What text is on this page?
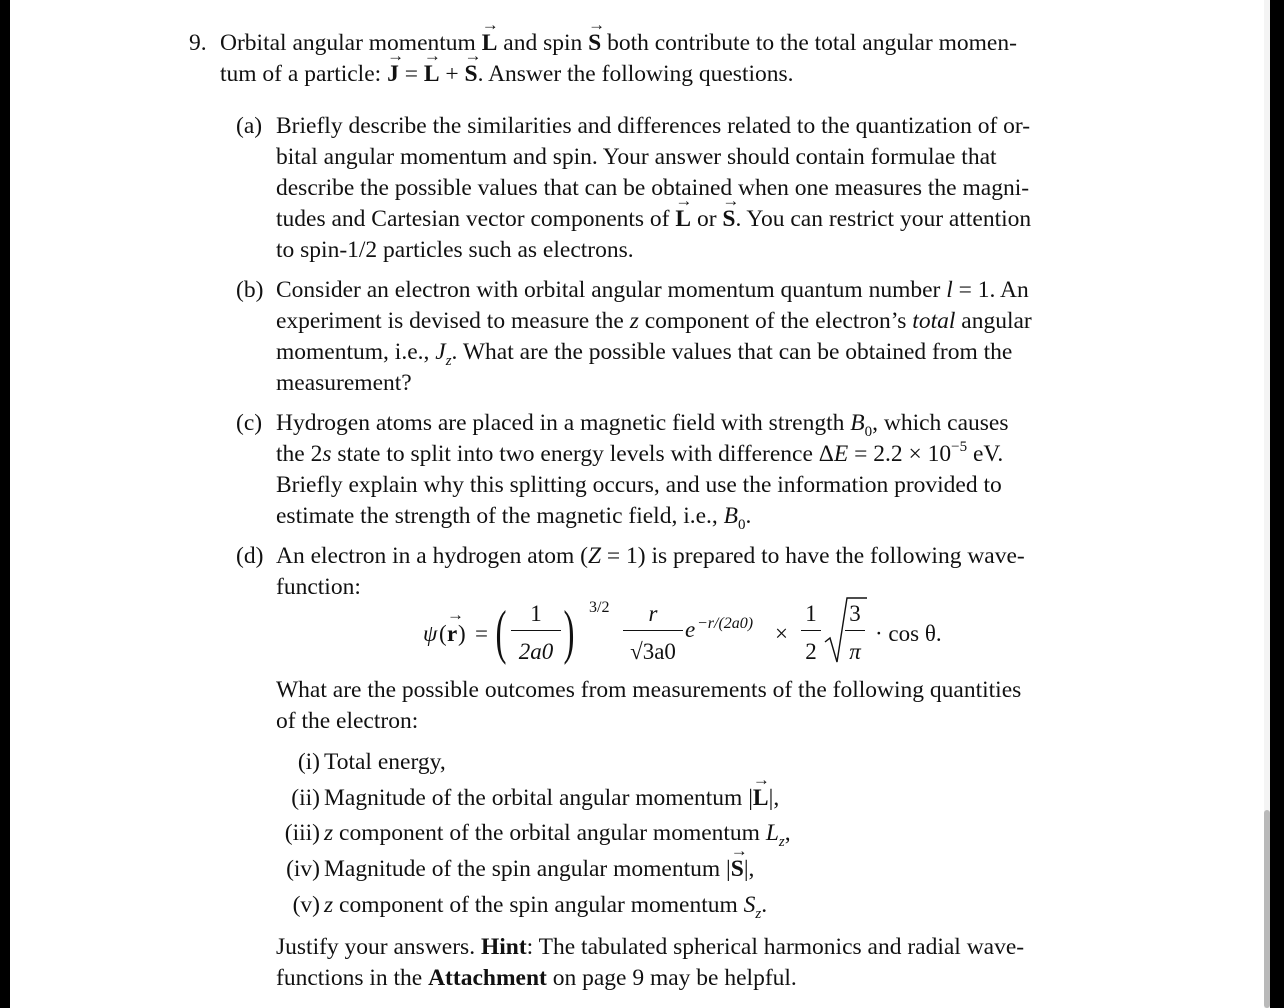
9. Orbital angular momentum → L and spin → S both contribute to the total angular momen-
tum of a particle: → J = → L + → S. Answer the following questions.
(a) Briefly describe the similarities and differences related to the quantization of or-
bital angular momentum and spin. Your answer should contain formulae that
describe the possible values that can be obtained when one measures the magni-
tudes and Cartesian vector components of → L or → S. You can restrict your attention
to spin-1/2 particles such as electrons.
(b) Consider an electron with orbital angular momentum quantum number l = 1. An
experiment is devised to measure the z component of the electron’s total angular
momentum, i.e., $J_z$. What are the possible values that can be obtained from the
measurement?
(c) Hydrogen atoms are placed in a magnetic field with strength $B_0$, which causes
the 2s state to split into two energy levels with difference $\Delta E = 2.2 \times 10^{-5}$ eV.
Briefly explain why this splitting occurs, and use the information provided to
estimate the strength of the magnetic field, i.e., $B_0$.
(d) An electron in a hydrogen atom (Z = 1) is prepared to have the following wave-
function:
ψ (
→ r ) = (	1
2a0 ) 3/2	r
√3a0
e −r/(2a0) ×
1
2
3
π
· cos θ.
What are the possible outcomes from measurements of the following quantities
of the electron:
(i) Total energy,
(ii) Magnitude of the orbital angular momentum |→ L|,
(iii) z component of the orbital angular momentum $L_z$,
(iv) Magnitude of the spin angular momentum |→ S|,
(v) z component of the spin angular momentum $S_z$.
Justify your answers. Hint: The tabulated spherical harmonics and radial wave-
functions in the Attachment on page 9 may be helpful.
